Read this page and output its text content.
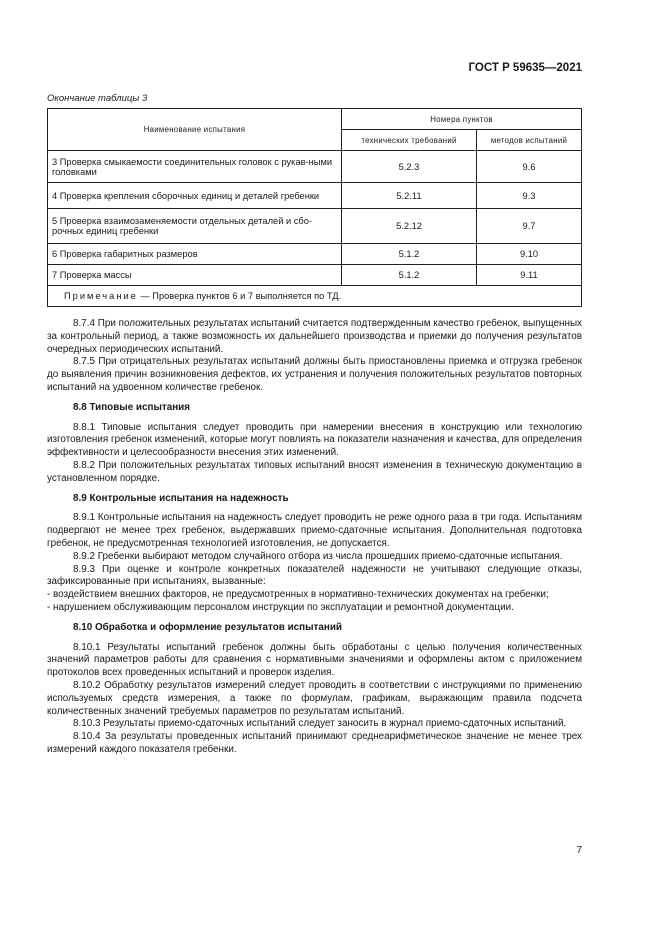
ГОСТ Р 59635—2021
Окончание таблицы 3
Наименование испытания	Номера пунктов	
	технических требований	методов испытаний
3 Проверка смыкаемости соединительных головок с рукав-ными головками	5.2.3	9.6
4 Проверка крепления сборочных единиц и деталей гребенки	5.2.11	9.3
5 Проверка взаимозаменяемости отдельных деталей и сбо-рочных единиц гребенки	5.2.12	9.7
6 Проверка габаритных размеров	5.1.2	9.10
7 Проверка массы	5.1.2	9.11
Примечание — Проверка пунктов 6 и 7 выполняется по ТД.		

8.7.4 При положительных результатах испытаний считается подтвержденным качество гребенок, выпущенных за контрольный период, а также возможность их дальнейшего производства и приемки до получения результатов очередных периодических испытаний.

8.7.5 При отрицательных результатах испытаний должны быть приостановлены приемка и отгрузка гребенок до выявления причин возникновения дефектов, их устранения и получения положительных результатов повторных испытаний на удвоенном количестве гребенок.

8.8 Типовые испытания

8.8.1 Типовые испытания следует проводить при намерении внесения в конструкцию или технологию изготовления гребенок изменений, которые могут повлиять на показатели назначения и качества, для определения эффективности и целесообразности внесения этих изменений.

8.8.2 При положительных результатах типовых испытаний вносят изменения в техническую документацию в установленном порядке.

8.9 Контрольные испытания на надежность

8.9.1 Контрольные испытания на надежность следует проводить не реже одного раза в три года. Испытаниям подвергают не менее трех гребенок, выдержавших приемо-сдаточные испытания. Дополнительная подготовка гребенок, не предусмотренная технологией изготовления, не допускается.

8.9.2 Гребенки выбирают методом случайного отбора из числа прошедших приемо-сдаточные испытания.

8.9.3 При оценке и контроле конкретных показателей надежности не учитывают следующие отказы, зафиксированные при испытаниях, вызванные:

- воздействием внешних факторов, не предусмотренных в нормативно-технических документах на гребенки;

- нарушением обслуживающим персоналом инструкции по эксплуатации и ремонтной документации.

8.10 Обработка и оформление результатов испытаний

8.10.1 Результаты испытаний гребенок должны быть обработаны с целью получения количественных значений параметров работы для сравнения с нормативными значениями и оформлены актом с приложением протоколов всех проведенных испытаний и проверок изделия.

8.10.2 Обработку результатов измерений следует проводить в соответствии с инструкциями по применению используемых средств измерения, а также по формулам, графикам, выражающим правила подсчета количественных значений требуемых параметров по результатам испытаний.

8.10.3 Результаты приемо-сдаточных испытаний следует заносить в журнал приемо-сдаточных испытаний.

8.10.4 За результаты проведенных испытаний принимают среднеарифметическое значение не менее трех измерений каждого показателя гребенки.

7
